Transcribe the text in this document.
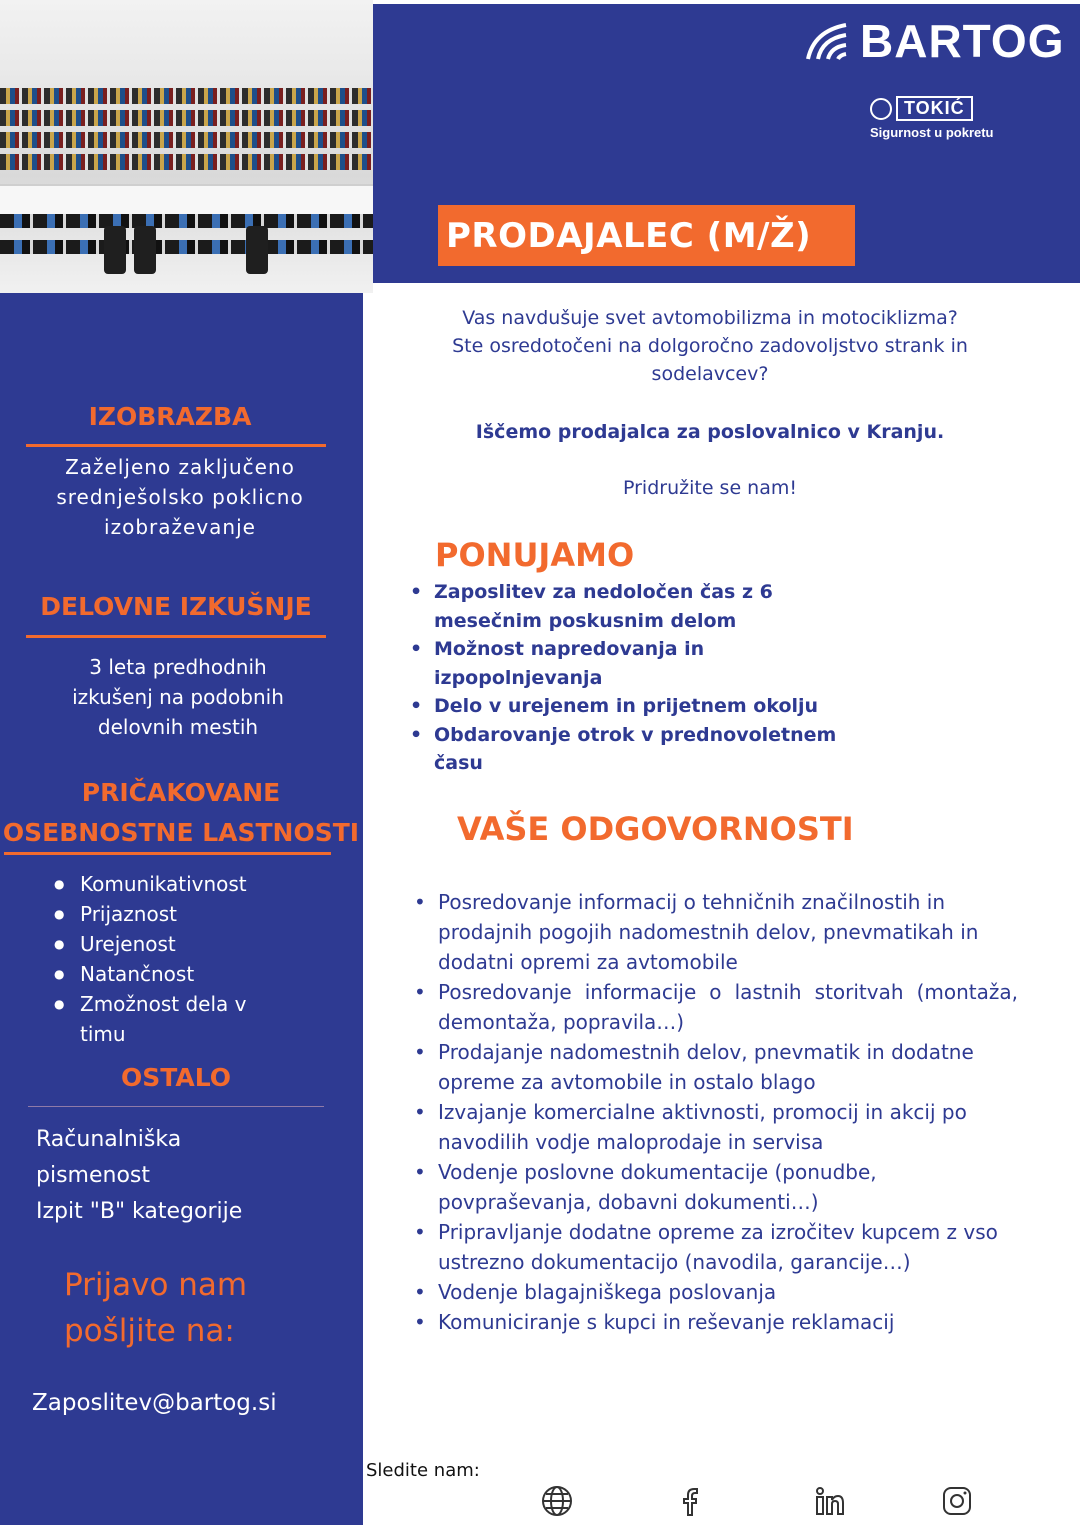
BARTOG
TOKIĆ
Sigurnost u pokretu
PRODAJALEC (M/Ž)
IZOBRAZBA
Zaželjeno zaključeno srednješolsko poklicno izobraževanje
DELOVNE IZKUŠNJE
3 leta predhodnih izkušenj na podobnih delovnih mestih
PRIČAKOVANE
OSEBNOSTNE LASTNOSTI
● Komunikativnost
● Prijaznost
● Urejenost
● Natančnost
● Zmožnost dela v timu
OSTALO
Računalniška pismenost
Izpit "B" kategorije
Prijavo nam pošljite na:
Zaposlitev@bartog.si
Vas navdušuje svet avtomobilizma in motociklizma?
Ste osredotočeni na dolgoročno zadovoljstvo strank in sodelavcev?
Iščemo prodajalca za poslovalnico v Kranju.
Pridružite se nam!
PONUJAMO
• Zaposlitev za nedoločen čas z 6 mesečnim poskusnim delom
• Možnost napredovanja in izpopolnjevanja
• Delo v urejenem in prijetnem okolju
• Obdarovanje otrok v prednovoletnem času
VAŠE ODGOVORNOSTI
• Posredovanje informacij o tehničnih značilnostih in prodajnih pogojih nadomestnih delov, pnevmatikah in dodatni opremi za avtomobile
• Posredovanje informacije o lastnih storitvah (montaža, demontaža, popravila…)
• Prodajanje nadomestnih delov, pnevmatik in dodatne opreme za avtomobile in ostalo blago
• Izvajanje komercialne aktivnosti, promocij in akcij po navodilih vodje maloprodaje in servisa
• Vodenje poslovne dokumentacije (ponudbe, povpraševanja, dobavni dokumenti…)
• Pripravljanje dodatne opreme za izročitev kupcem z vso ustrezno dokumentacijo (navodila, garancije…)
• Vodenje blagajniškega poslovanja
• Komuniciranje s kupci in reševanje reklamacij
Sledite nam:
